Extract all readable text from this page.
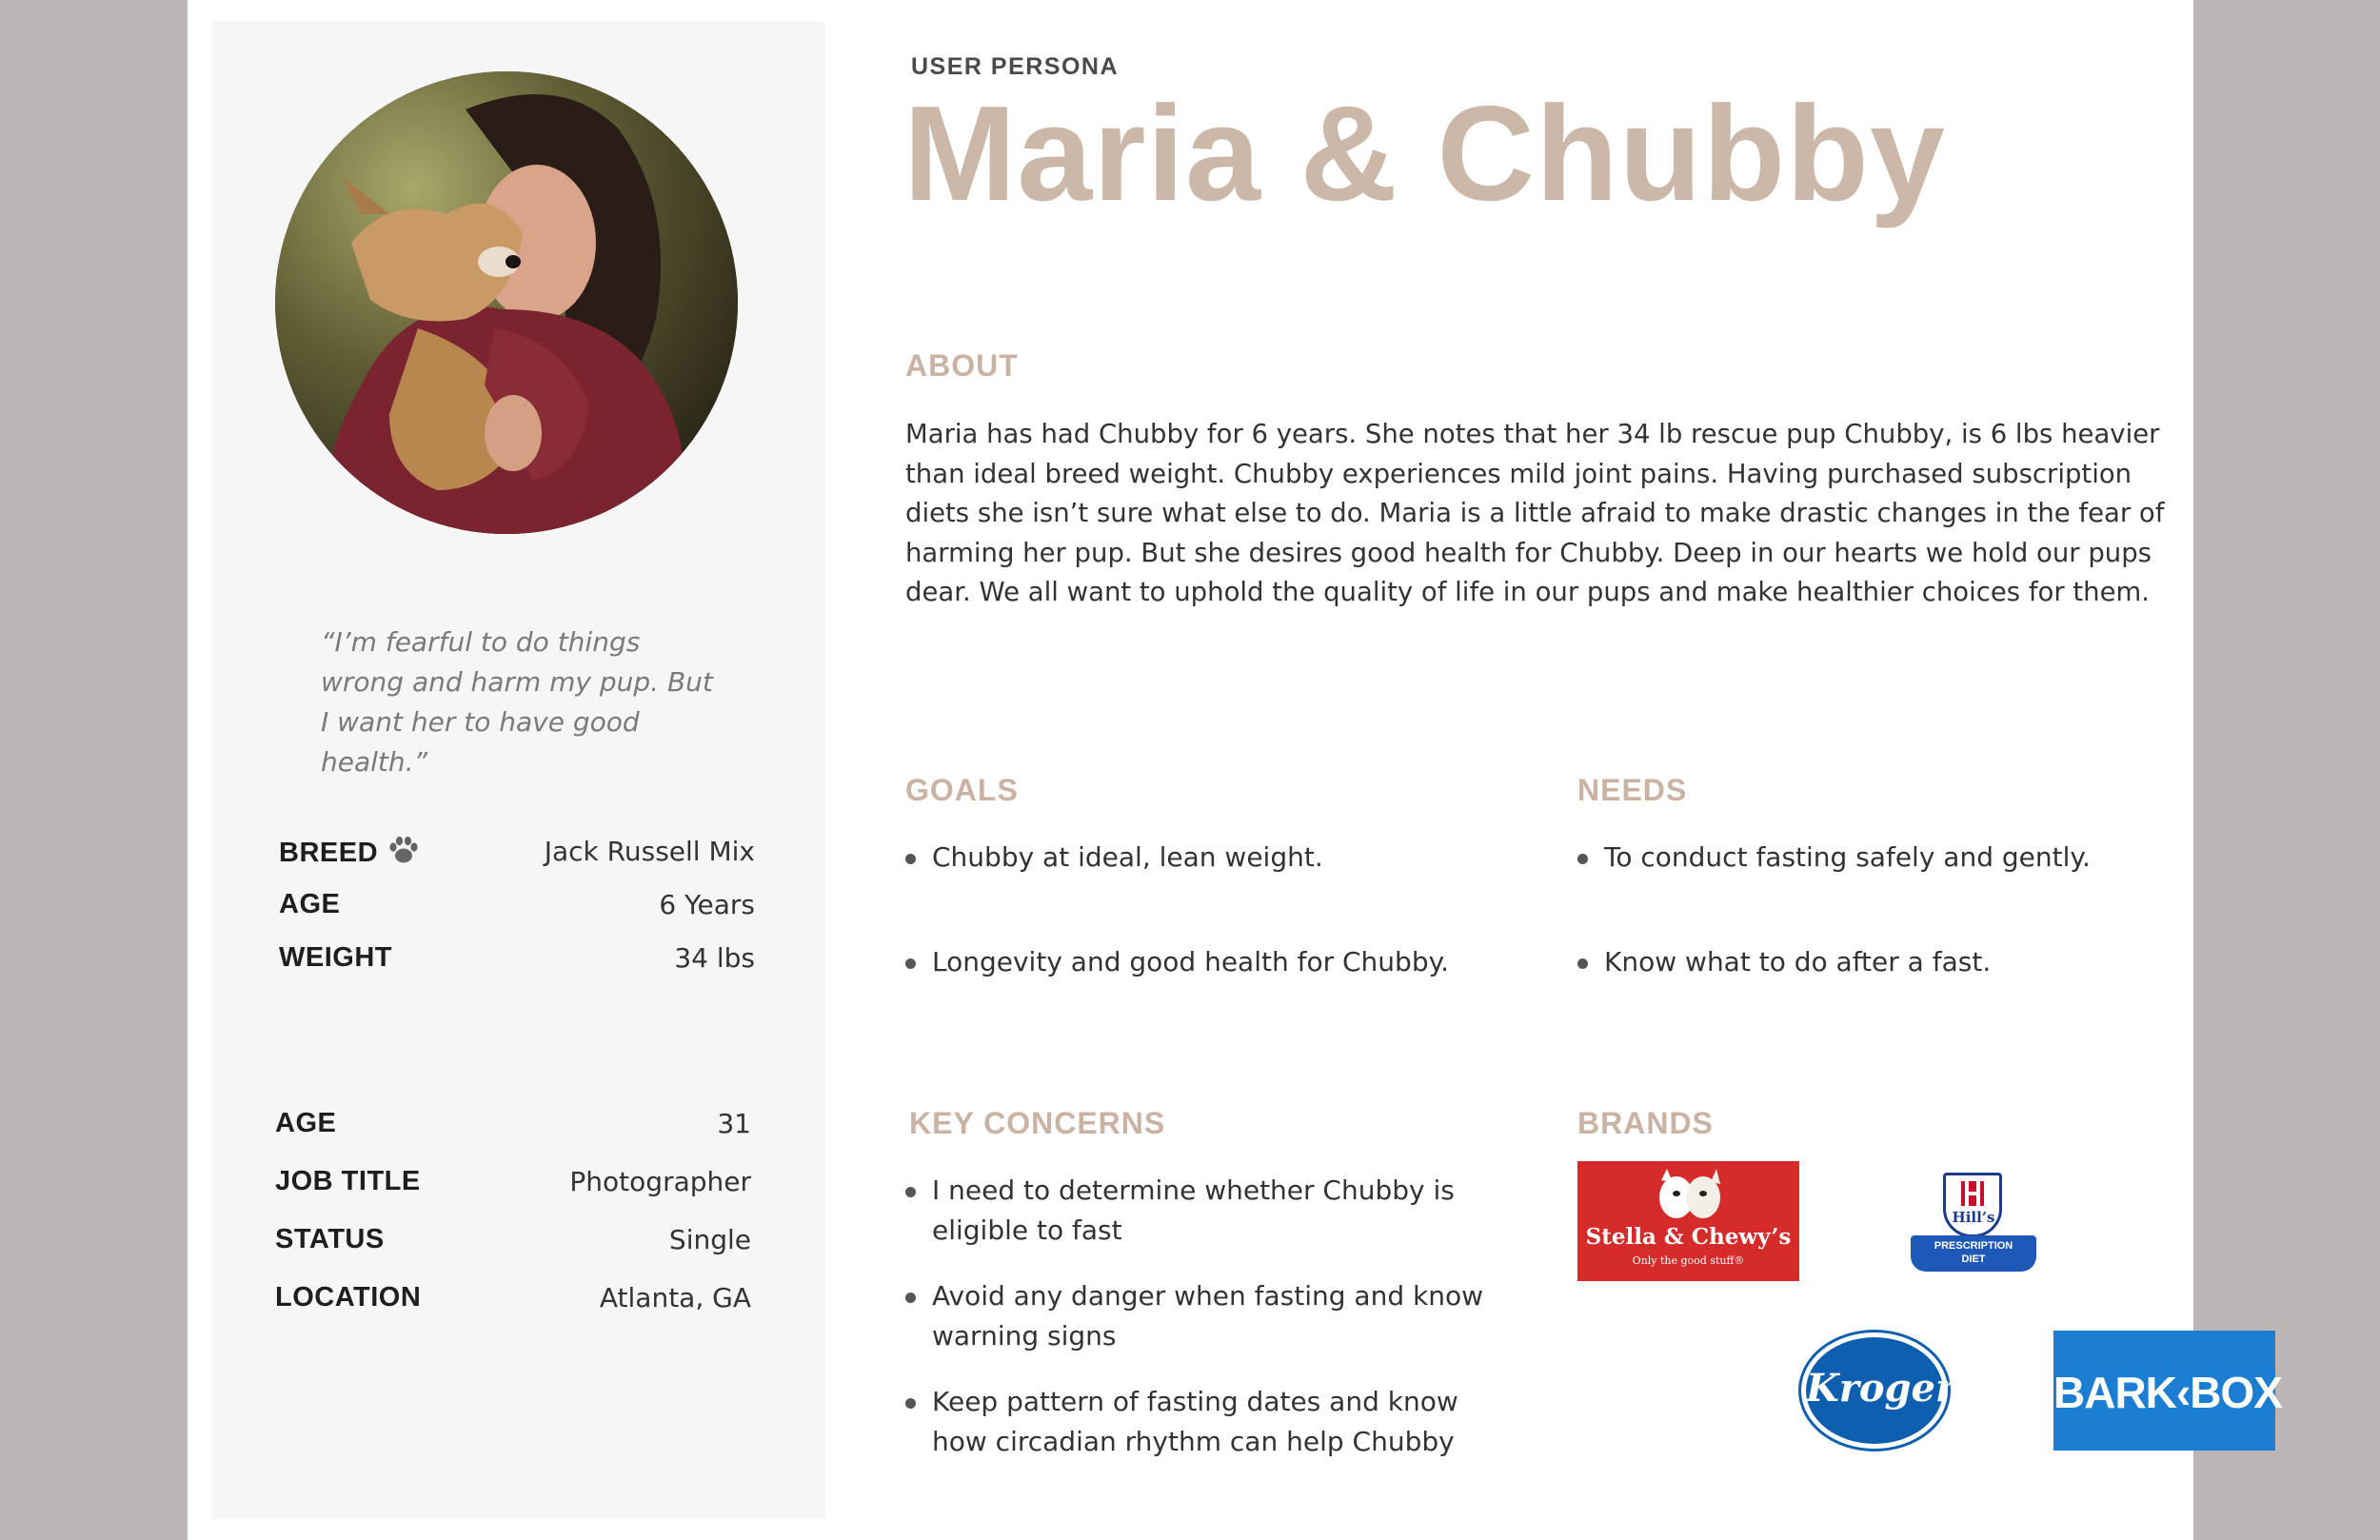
“I’m fearful to do things wrong and harm my pup. But I want her to have good health.”
BREED	Jack Russell Mix
AGE	6 Years
WEIGHT	34 lbs
AGE	31
JOB TITLE	Photographer
STATUS	Single
LOCATION	Atlanta, GA
USER PERSONA
Maria & Chubby
ABOUT
Maria has had Chubby for 6 years. She notes that her 34 lb rescue pup Chubby, is 6 lbs heavier than ideal breed weight. Chubby experiences mild joint pains. Having purchased subscription diets she isn’t sure what else to do. Maria is a little afraid to make drastic changes in the fear of harming her pup. But she desires good health for Chubby. Deep in our hearts we hold our pups dear. We all want to uphold the quality of life in our pups and make healthier choices for them.
GOALS
Chubby at ideal, lean weight.
Longevity and good health for Chubby.
NEEDS
To conduct fasting safely and gently.
Know what to do after a fast.
KEY CONCERNS
I need to determine whether Chubby is eligible to fast
Avoid any danger when fasting and know warning signs
Keep pattern of fasting dates and know how circadian rhythm can help Chubby
BRANDS
Stella & Chewy’s
Only the good stuff®
Hill’s
PRESCRIPTION
DIET
Kroger BARK‹BOX
